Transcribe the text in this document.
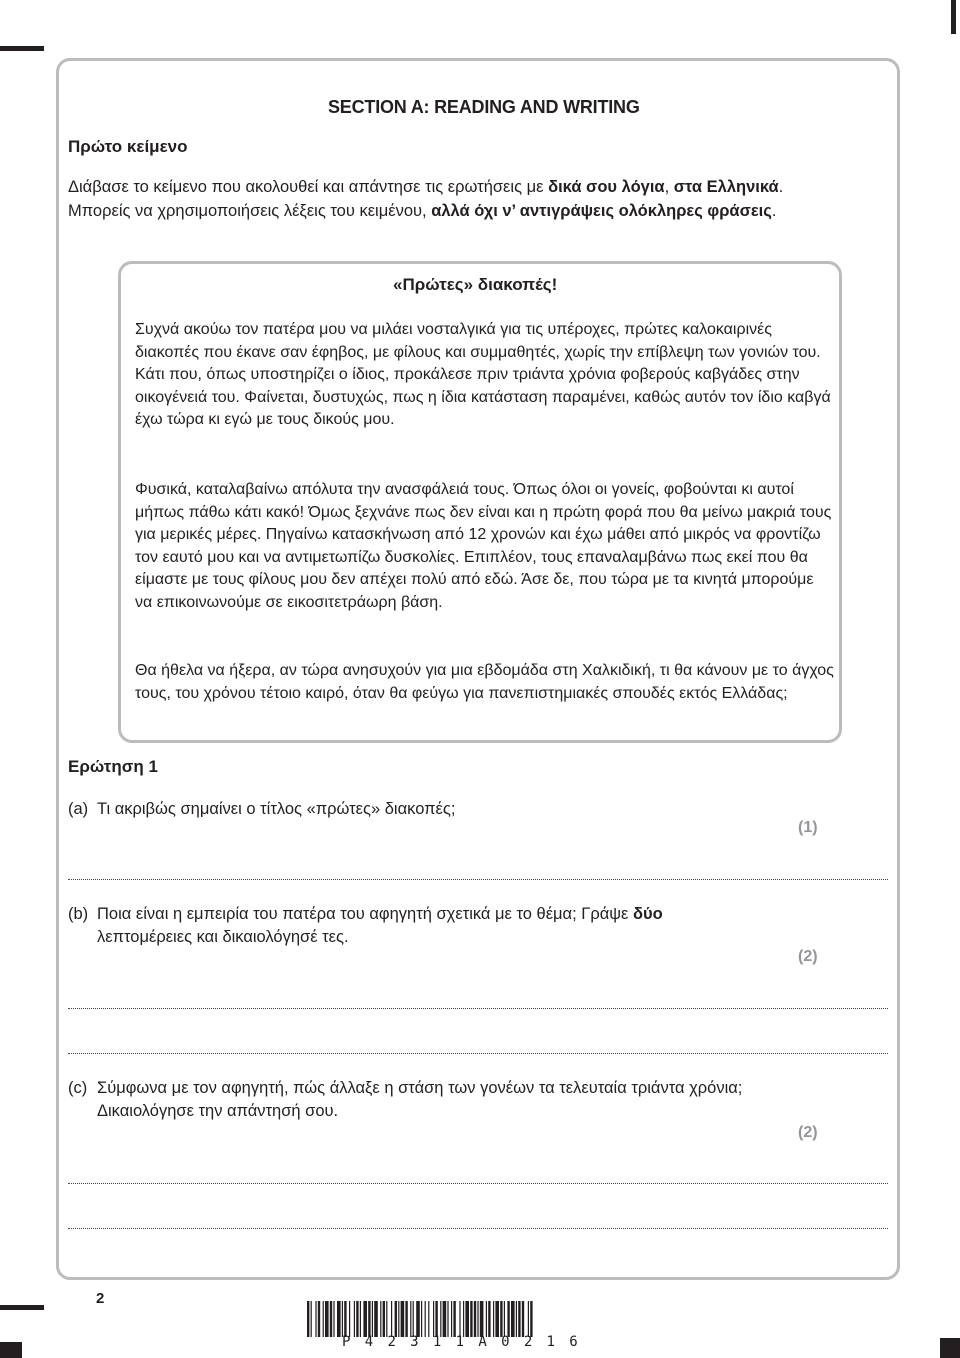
SECTION A: READING AND WRITING
Πρώτο κείμενο
Διάβασε το κείμενο που ακολουθεί και απάντησε τις ερωτήσεις με δικά σου λόγια, στα Ελληνικά. Μπορείς να χρησιμοποιήσεις λέξεις του κειμένου, αλλά όχι ν’ αντιγράψεις ολόκληρες φράσεις.
«Πρώτες» διακοπές!
Συχνά ακούω τον πατέρα μου να μιλάει νοσταλγικά για τις υπέροχες, πρώτες καλοκαιρινές διακοπές που έκανε σαν έφηβος, με φίλους και συμμαθητές, χωρίς την επίβλεψη των γονιών του. Κάτι που, όπως υποστηρίζει ο ίδιος, προκάλεσε πριν τριάντα χρόνια φοβερούς καβγάδες στην οικογένειά του. Φαίνεται, δυστυχώς, πως η ίδια κατάσταση παραμένει, καθώς αυτόν τον ίδιο καβγά έχω τώρα κι εγώ με τους δικούς μου.
Φυσικά, καταλαβαίνω απόλυτα την ανασφάλειά τους. Όπως όλοι οι γονείς, φοβούνται κι αυτοί μήπως πάθω κάτι κακό! Όμως ξεχνάνε πως δεν είναι και η πρώτη φορά που θα μείνω μακριά τους για μερικές μέρες. Πηγαίνω κατασκήνωση από 12 χρονών και έχω μάθει από μικρός να φροντίζω τον εαυτό μου και να αντιμετωπίζω δυσκολίες. Επιπλέον, τους επαναλαμβάνω πως εκεί που θα είμαστε με τους φίλους μου δεν απέχει πολύ από εδώ. Άσε δε, που τώρα με τα κινητά μπορούμε να επικοινωνούμε σε εικοσιτετράωρη βάση.
Θα ήθελα να ήξερα, αν τώρα ανησυχούν για μια εβδομάδα στη Χαλκιδική, τι θα κάνουν με το άγχος τους, του χρόνου τέτοιο καιρό, όταν θα φεύγω για πανεπιστημιακές σπουδές εκτός Ελλάδας;
Ερώτηση 1
(a) Τι ακριβώς σημαίνει ο τίτλος «πρώτες» διακοπές;
(1)
(b) Ποια είναι η εμπειρία του πατέρα του αφηγητή σχετικά με το θέμα; Γράψε δύο λεπτομέρειες και δικαιολόγησέ τες.
(2)
(c) Σύμφωνα με τον αφηγητή, πώς άλλαξε η στάση των γονέων τα τελευταία τριάντα χρόνια; Δικαιολόγησε την απάντησή σου.
(2)
2
P42311A0216
